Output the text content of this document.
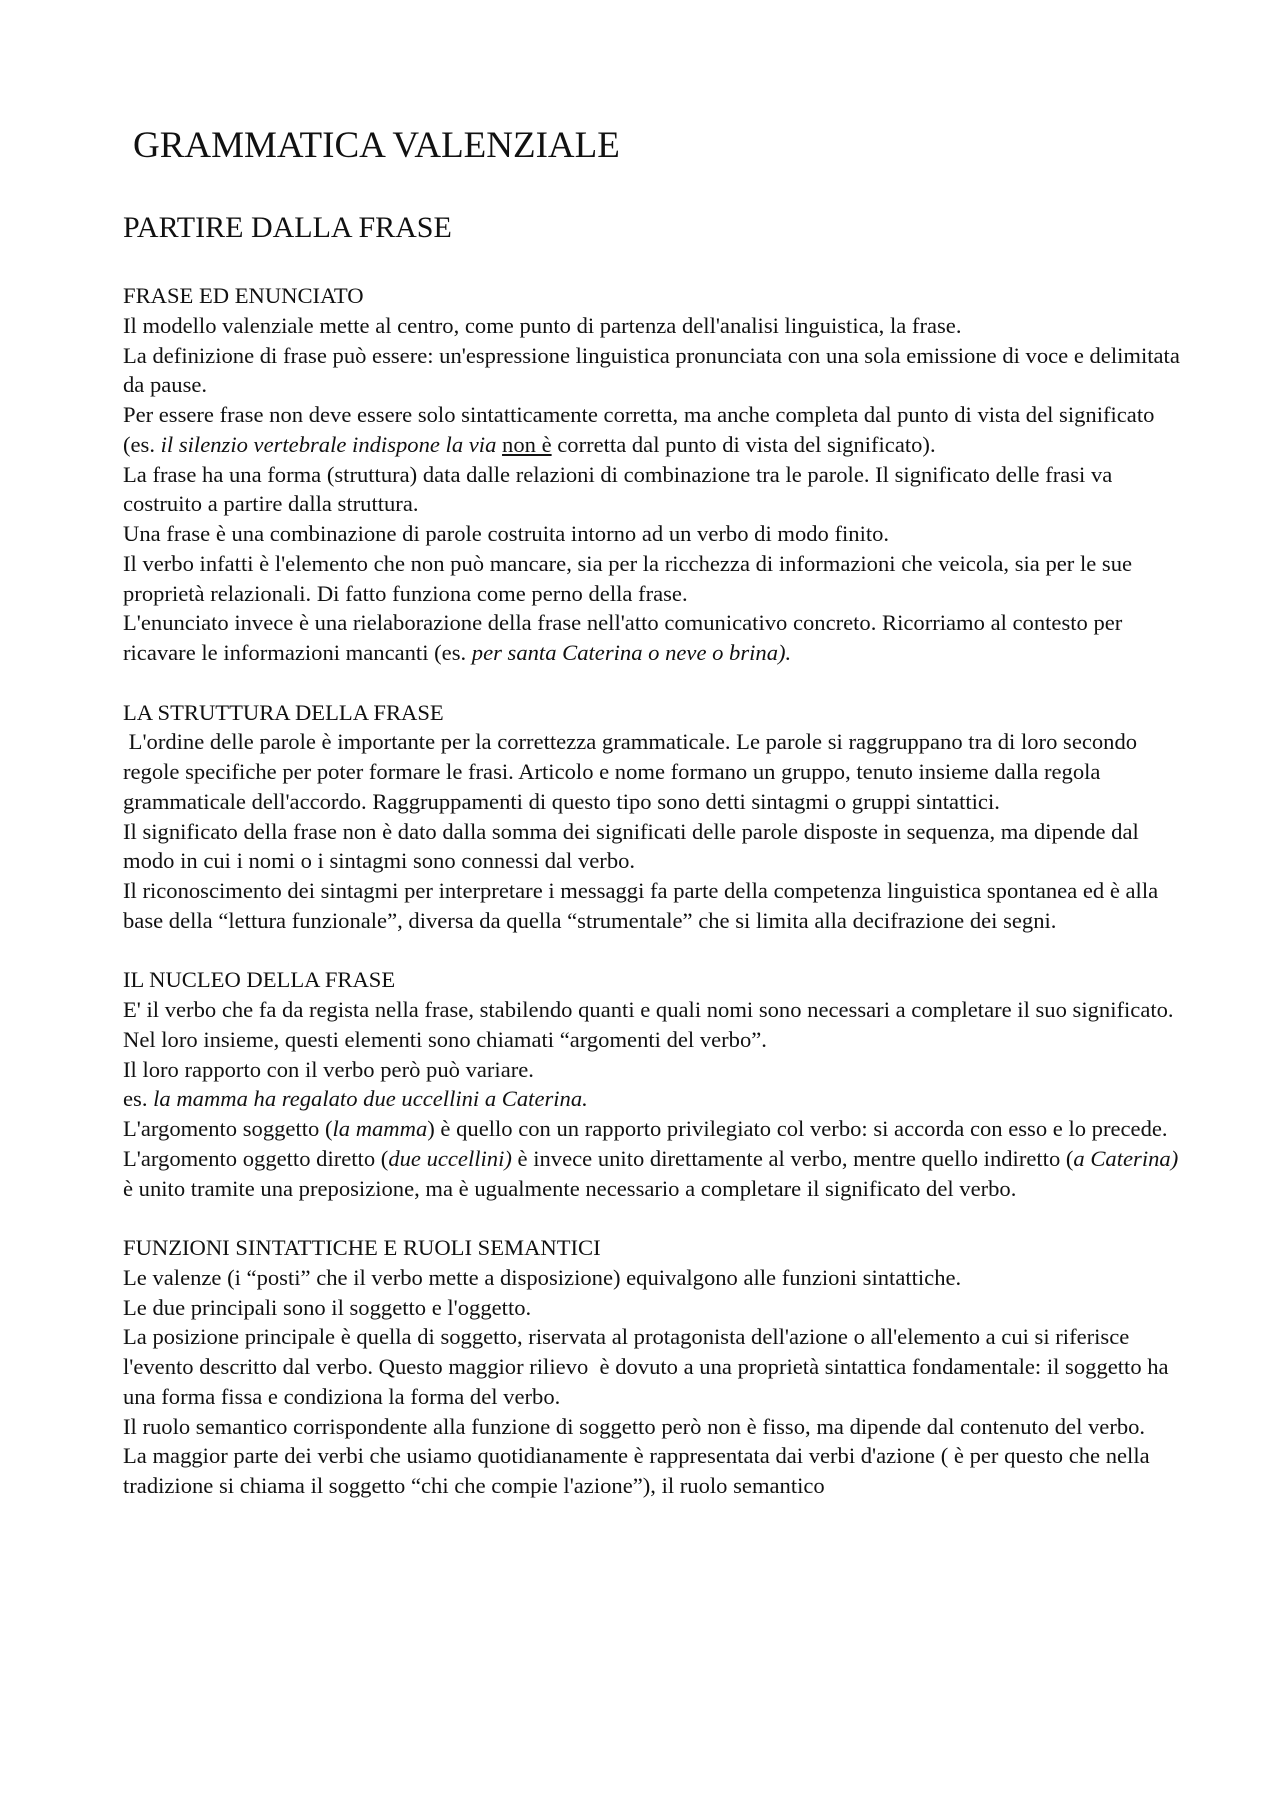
GRAMMATICA VALENZIALE
PARTIRE DALLA FRASE
FRASE ED ENUNCIATO

Il modello valenziale mette al centro, come punto di partenza dell'analisi linguistica, la frase.

La definizione di frase può essere: un'espressione linguistica pronunciata con una sola emissione di voce e delimitata da pause.

Per essere frase non deve essere solo sintatticamente corretta, ma anche completa dal punto di vista del significato (es. il silenzio vertebrale indispone la via non è corretta dal punto di vista del significato).

La frase ha una forma (struttura) data dalle relazioni di combinazione tra le parole. Il significato delle frasi va costruito a partire dalla struttura.

Una frase è una combinazione di parole costruita intorno ad un verbo di modo finito.

Il verbo infatti è l'elemento che non può mancare, sia per la ricchezza di informazioni che veicola, sia per le sue proprietà relazionali. Di fatto funziona come perno della frase.

L'enunciato invece è una rielaborazione della frase nell'atto comunicativo concreto. Ricorriamo al contesto per ricavare le informazioni mancanti (es. per santa Caterina o neve o brina).

LA STRUTTURA DELLA FRASE

L'ordine delle parole è importante per la correttezza grammaticale. Le parole si raggruppano tra di loro secondo regole specifiche per poter formare le frasi. Articolo e nome formano un gruppo, tenuto insieme dalla regola grammaticale dell'accordo. Raggruppamenti di questo tipo sono detti sintagmi o gruppi sintattici.

Il significato della frase non è dato dalla somma dei significati delle parole disposte in sequenza, ma dipende dal modo in cui i nomi o i sintagmi sono connessi dal verbo.

Il riconoscimento dei sintagmi per interpretare i messaggi fa parte della competenza linguistica spontanea ed è alla base della “lettura funzionale”, diversa da quella “strumentale” che si limita alla decifrazione dei segni.

IL NUCLEO DELLA FRASE

E' il verbo che fa da regista nella frase, stabilendo quanti e quali nomi sono necessari a completare il suo significato.

Nel loro insieme, questi elementi sono chiamati “argomenti del verbo”.

Il loro rapporto con il verbo però può variare.

es. la mamma ha regalato due uccellini a Caterina.

L'argomento soggetto (la mamma) è quello con un rapporto privilegiato col verbo: si accorda con esso e lo precede. L'argomento oggetto diretto (due uccellini) è invece unito direttamente al verbo, mentre quello indiretto (a Caterina) è unito tramite una preposizione, ma è ugualmente necessario a completare il significato del verbo.

FUNZIONI SINTATTICHE E RUOLI SEMANTICI

Le valenze (i “posti” che il verbo mette a disposizione) equivalgono alle funzioni sintattiche.

Le due principali sono il soggetto e l'oggetto.

La posizione principale è quella di soggetto, riservata al protagonista dell'azione o all'elemento a cui si riferisce  l'evento descritto dal verbo. Questo maggior rilievo  è dovuto a una proprietà sintattica fondamentale: il soggetto ha una forma fissa e condiziona la forma del verbo.

Il ruolo semantico corrispondente alla funzione di soggetto però non è fisso, ma dipende dal contenuto del verbo.

La maggior parte dei verbi che usiamo quotidianamente è rappresentata dai verbi d'azione ( è per questo che nella tradizione si chiama il soggetto “chi che compie l'azione”), il ruolo semantico
